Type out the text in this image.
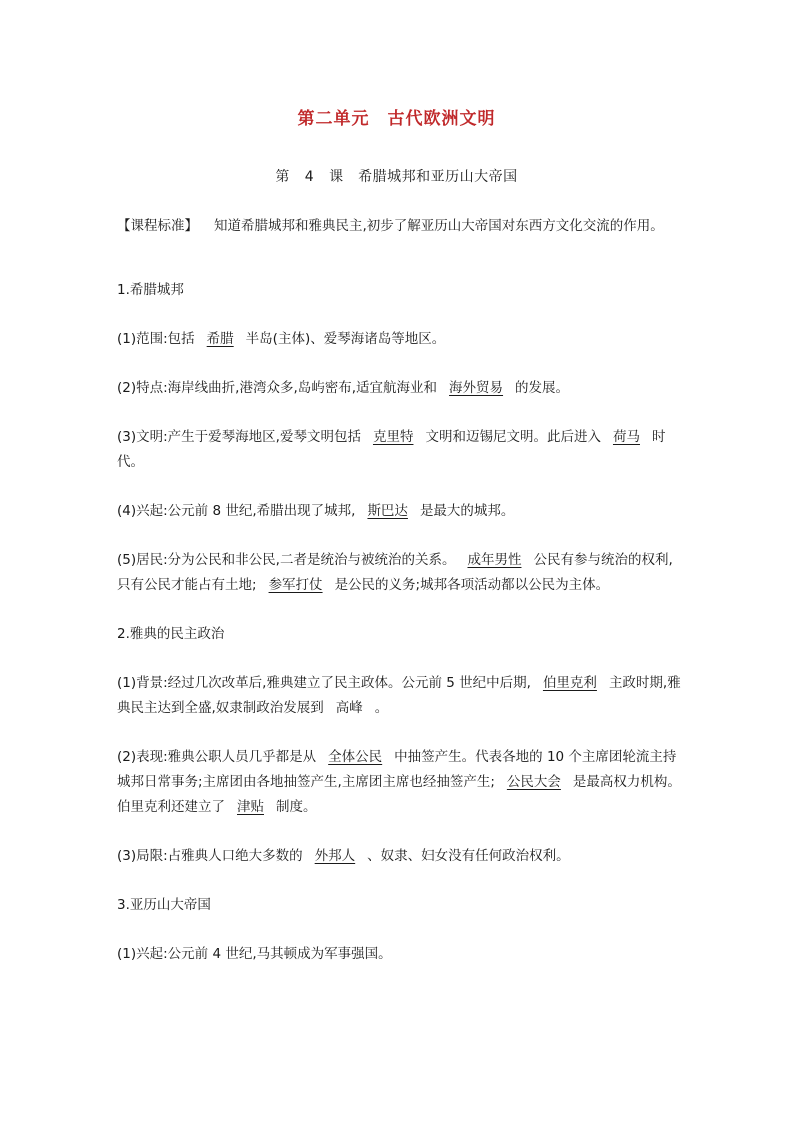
第二单元　古代欧洲文明
第 4 课　希腊城邦和亚历山大帝国

【课程标准】 知道希腊城邦和雅典民主,初步了解亚历山大帝国对东西方文化交流的作用。

1.希腊城邦

(1)范围:包括 希腊 半岛(主体)、爱琴海诸岛等地区。

(2)特点:海岸线曲折,港湾众多,岛屿密布,适宜航海业和 海外贸易 的发展。

(3)文明:产生于爱琴海地区,爱琴文明包括 克里特 文明和迈锡尼文明。此后进入 荷马 时代。

(4)兴起:公元前 8 世纪,希腊出现了城邦, 斯巴达 是最大的城邦。

(5)居民:分为公民和非公民,二者是统治与被统治的关系。 成年男性 公民有参与统治的权利,只有公民才能占有土地; 参军打仗 是公民的义务;城邦各项活动都以公民为主体。

2.雅典的民主政治

(1)背景:经过几次改革后,雅典建立了民主政体。公元前 5 世纪中后期, 伯里克利 主政时期,雅典民主达到全盛,奴隶制政治发展到 高峰 。

(2)表现:雅典公职人员几乎都是从 全体公民 中抽签产生。代表各地的 10 个主席团轮流主持城邦日常事务;主席团由各地抽签产生,主席团主席也经抽签产生; 公民大会 是最高权力机构。伯里克利还建立了 津贴 制度。

(3)局限:占雅典人口绝大多数的 外邦人 、奴隶、妇女没有任何政治权利。

3.亚历山大帝国

(1)兴起:公元前 4 世纪,马其顿成为军事强国。
